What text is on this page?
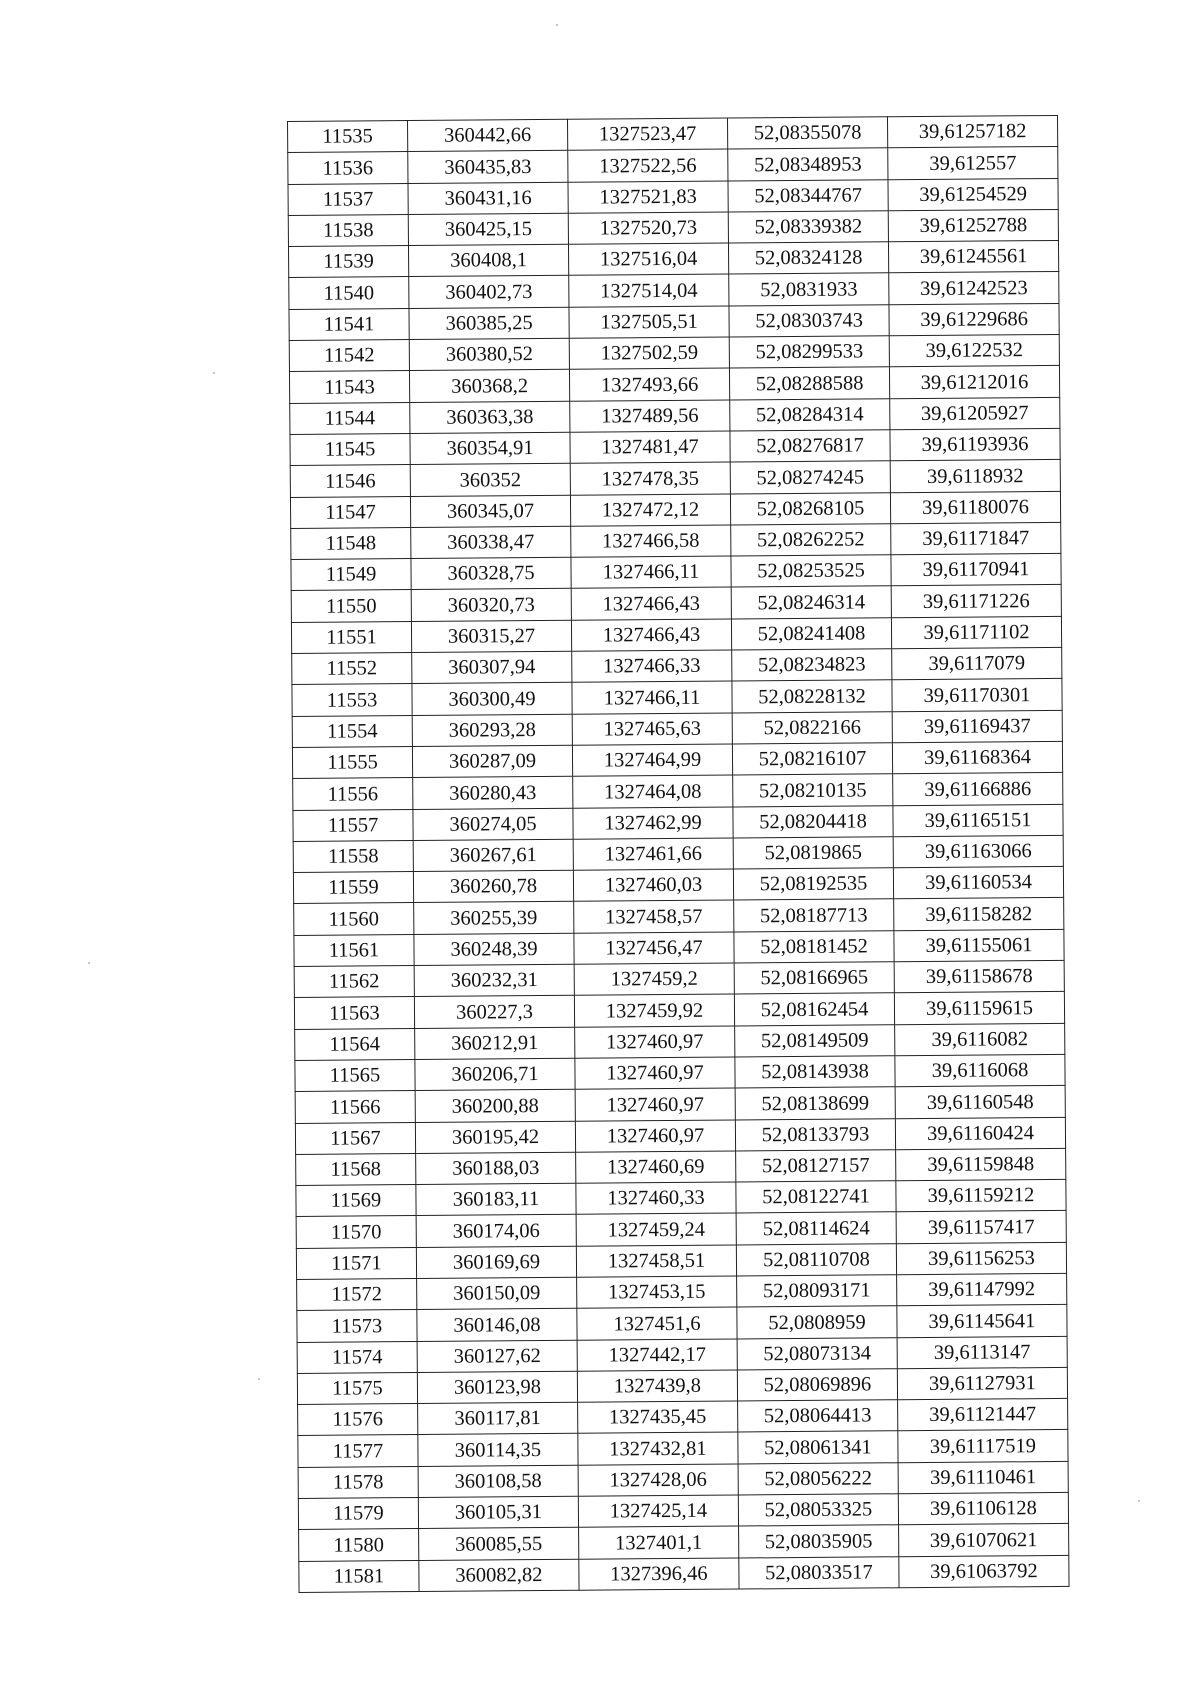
11535	360442,66	1327523,47	52,08355078	39,61257182
11536	360435,83	1327522,56	52,08348953	39,612557
11537	360431,16	1327521,83	52,08344767	39,61254529
11538	360425,15	1327520,73	52,08339382	39,61252788
11539	360408,1	1327516,04	52,08324128	39,61245561
11540	360402,73	1327514,04	52,0831933	39,61242523
11541	360385,25	1327505,51	52,08303743	39,61229686
11542	360380,52	1327502,59	52,08299533	39,6122532
11543	360368,2	1327493,66	52,08288588	39,61212016
11544	360363,38	1327489,56	52,08284314	39,61205927
11545	360354,91	1327481,47	52,08276817	39,61193936
11546	360352	1327478,35	52,08274245	39,6118932
11547	360345,07	1327472,12	52,08268105	39,61180076
11548	360338,47	1327466,58	52,08262252	39,61171847
11549	360328,75	1327466,11	52,08253525	39,61170941
11550	360320,73	1327466,43	52,08246314	39,61171226
11551	360315,27	1327466,43	52,08241408	39,61171102
11552	360307,94	1327466,33	52,08234823	39,6117079
11553	360300,49	1327466,11	52,08228132	39,61170301
11554	360293,28	1327465,63	52,0822166	39,61169437
11555	360287,09	1327464,99	52,08216107	39,61168364
11556	360280,43	1327464,08	52,08210135	39,61166886
11557	360274,05	1327462,99	52,08204418	39,61165151
11558	360267,61	1327461,66	52,0819865	39,61163066
11559	360260,78	1327460,03	52,08192535	39,61160534
11560	360255,39	1327458,57	52,08187713	39,61158282
11561	360248,39	1327456,47	52,08181452	39,61155061
11562	360232,31	1327459,2	52,08166965	39,61158678
11563	360227,3	1327459,92	52,08162454	39,61159615
11564	360212,91	1327460,97	52,08149509	39,6116082
11565	360206,71	1327460,97	52,08143938	39,6116068
11566	360200,88	1327460,97	52,08138699	39,61160548
11567	360195,42	1327460,97	52,08133793	39,61160424
11568	360188,03	1327460,69	52,08127157	39,61159848
11569	360183,11	1327460,33	52,08122741	39,61159212
11570	360174,06	1327459,24	52,08114624	39,61157417
11571	360169,69	1327458,51	52,08110708	39,61156253
11572	360150,09	1327453,15	52,08093171	39,61147992
11573	360146,08	1327451,6	52,0808959	39,61145641
11574	360127,62	1327442,17	52,08073134	39,6113147
11575	360123,98	1327439,8	52,08069896	39,61127931
11576	360117,81	1327435,45	52,08064413	39,61121447
11577	360114,35	1327432,81	52,08061341	39,61117519
11578	360108,58	1327428,06	52,08056222	39,61110461
11579	360105,31	1327425,14	52,08053325	39,61106128
11580	360085,55	1327401,1	52,08035905	39,61070621
11581	360082,82	1327396,46	52,08033517	39,61063792
